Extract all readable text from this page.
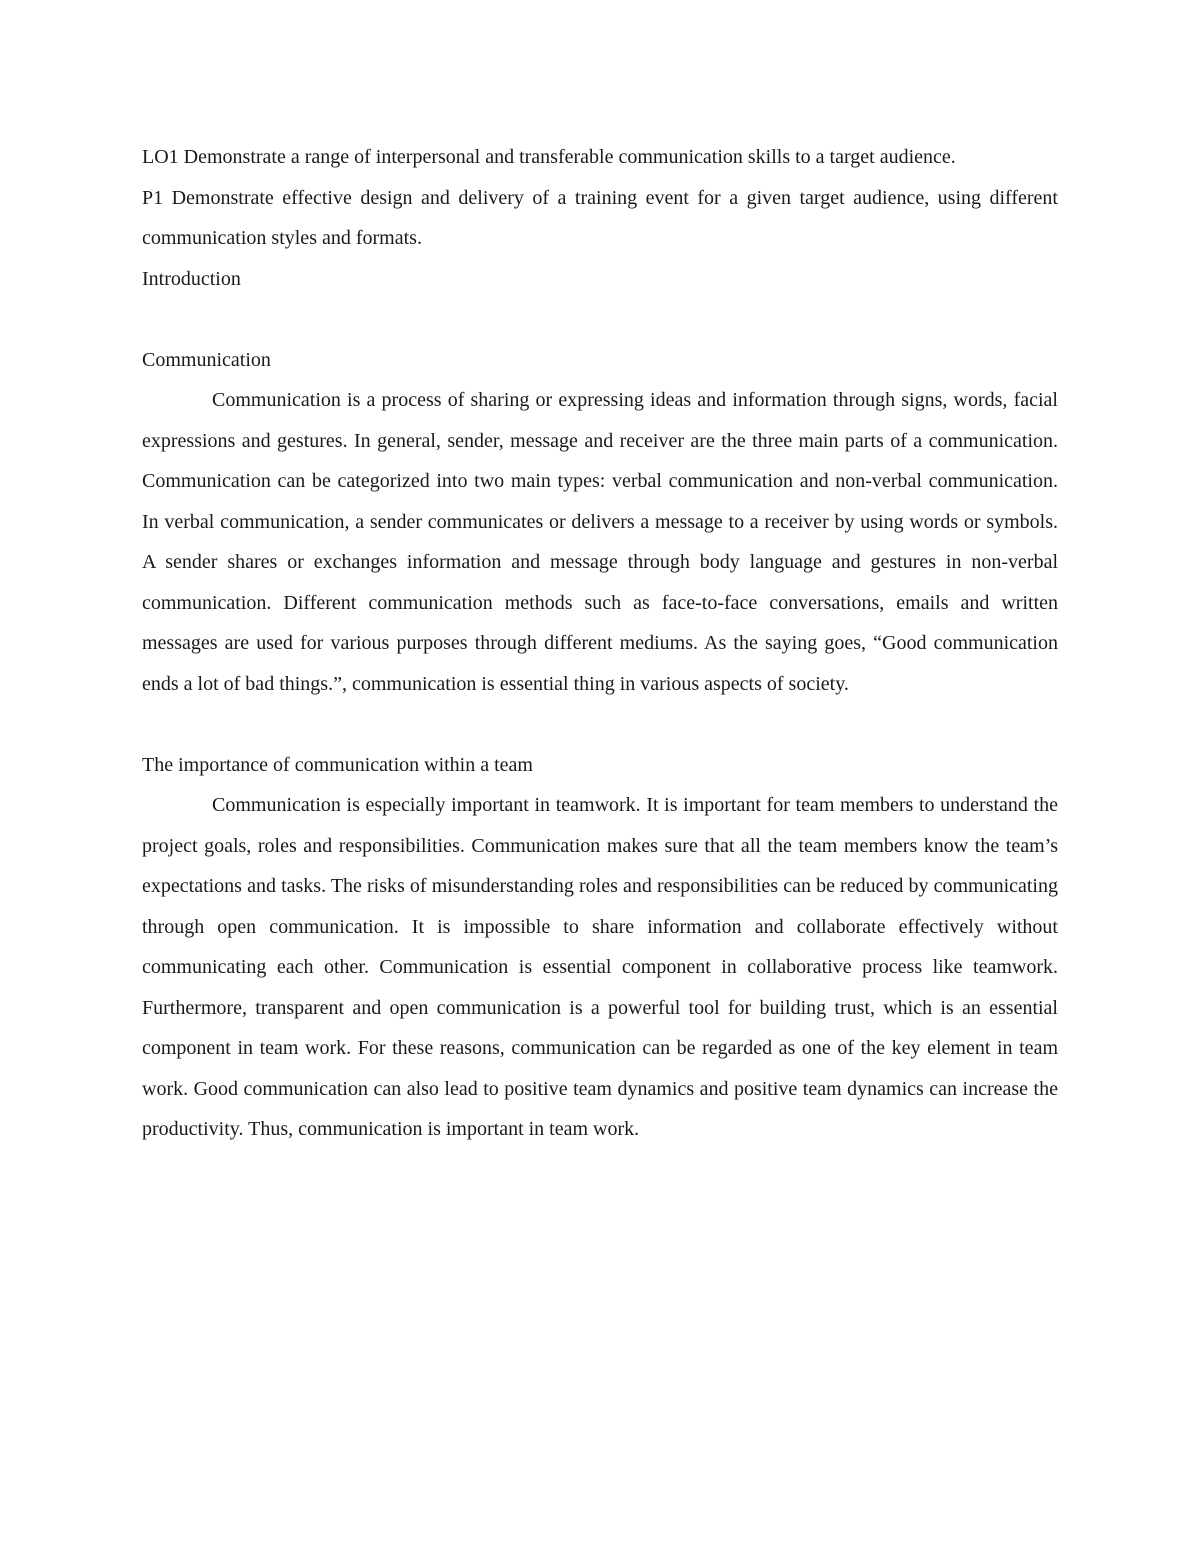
LO1 Demonstrate a range of interpersonal and transferable communication skills to a target audience.

P1 Demonstrate effective design and delivery of a training event for a given target audience, using different communication styles and formats.

Introduction

Communication

Communication is a process of sharing or expressing ideas and information through signs, words, facial expressions and gestures. In general, sender, message and receiver are the three main parts of a communication. Communication can be categorized into two main types: verbal communication and non-verbal communication. In verbal communication, a sender communicates or delivers a message to a receiver by using words or symbols. A sender shares or exchanges information and message through body language and gestures in non-verbal communication. Different communication methods such as face-to-face conversations, emails and written messages are used for various purposes through different mediums. As the saying goes, “Good communication ends a lot of bad things.”, communication is essential thing in various aspects of society.

The importance of communication within a team

Communication is especially important in teamwork. It is important for team members to understand the project goals, roles and responsibilities. Communication makes sure that all the team members know the team’s expectations and tasks. The risks of misunderstanding roles and responsibilities can be reduced by communicating through open communication. It is impossible to share information and collaborate effectively without communicating each other. Communication is essential component in collaborative process like teamwork. Furthermore, transparent and open communication is a powerful tool for building trust, which is an essential component in team work. For these reasons, communication can be regarded as one of the key element in team work. Good communication can also lead to positive team dynamics and positive team dynamics can increase the productivity. Thus, communication is important in team work.
